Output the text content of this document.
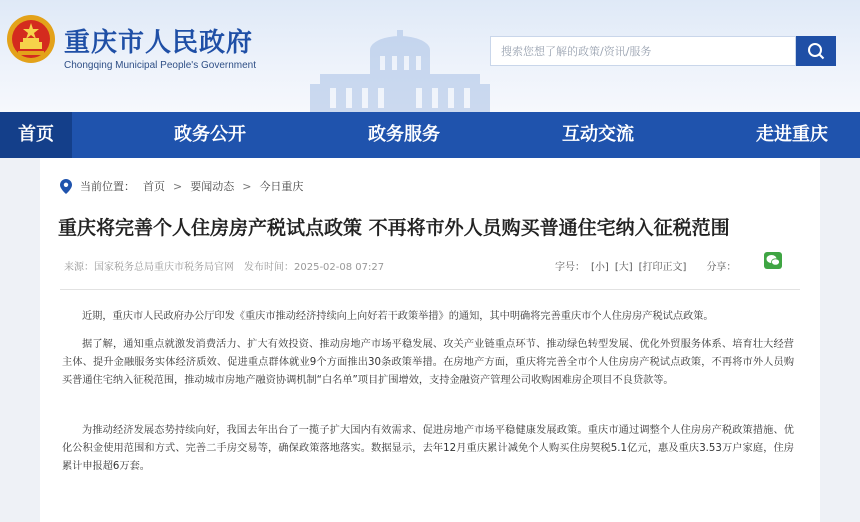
重庆市人民政府
Chongqing Municipal People's Government
搜索您想了解的政策/资讯/服务
首页	政务公开	政务服务	互动交流	走进重庆
当前位置： 首页 > 要闻动态 > 今日重庆
重庆将完善个人住房房产税试点政策 不再将市外人员购买普通住宅纳入征税范围
来源：国家税务总局重庆市税务局官网　发布时间：2025-02-08 07:27	字号： [小] [大] [打印正文] 分享：

近期，重庆市人民政府办公厅印发《重庆市推动经济持续向上向好若干政策举措》的通知，其中明确将完善重庆市个人住房房产税试点政策。

据了解，通知重点就激发消费活力、扩大有效投资、推动房地产市场平稳发展、攻关产业链重点环节、推动绿色转型发展、优化外贸服务体系、培育壮大经营主体、提升金融服务实体经济质效、促进重点群体就业9个方面推出30条政策举措。在房地产方面，重庆将完善全市个人住房房产税试点政策，不再将市外人员购买普通住宅纳入征税范围，推动城市房地产融资协调机制“白名单”项目扩围增效，支持金融资产管理公司收购困难房企项目不良贷款等。

为推动经济发展态势持续向好，我国去年出台了一揽子扩大国内有效需求、促进房地产市场平稳健康发展政策。重庆市通过调整个人住房房产税政策措施、优化公积金使用范围和方式、完善二手房交易等，确保政策落地落实。数据显示，去年12月重庆累计减免个人购买住房契税5.1亿元，惠及重庆3.53万户家庭，住房累计申报超6万套。
